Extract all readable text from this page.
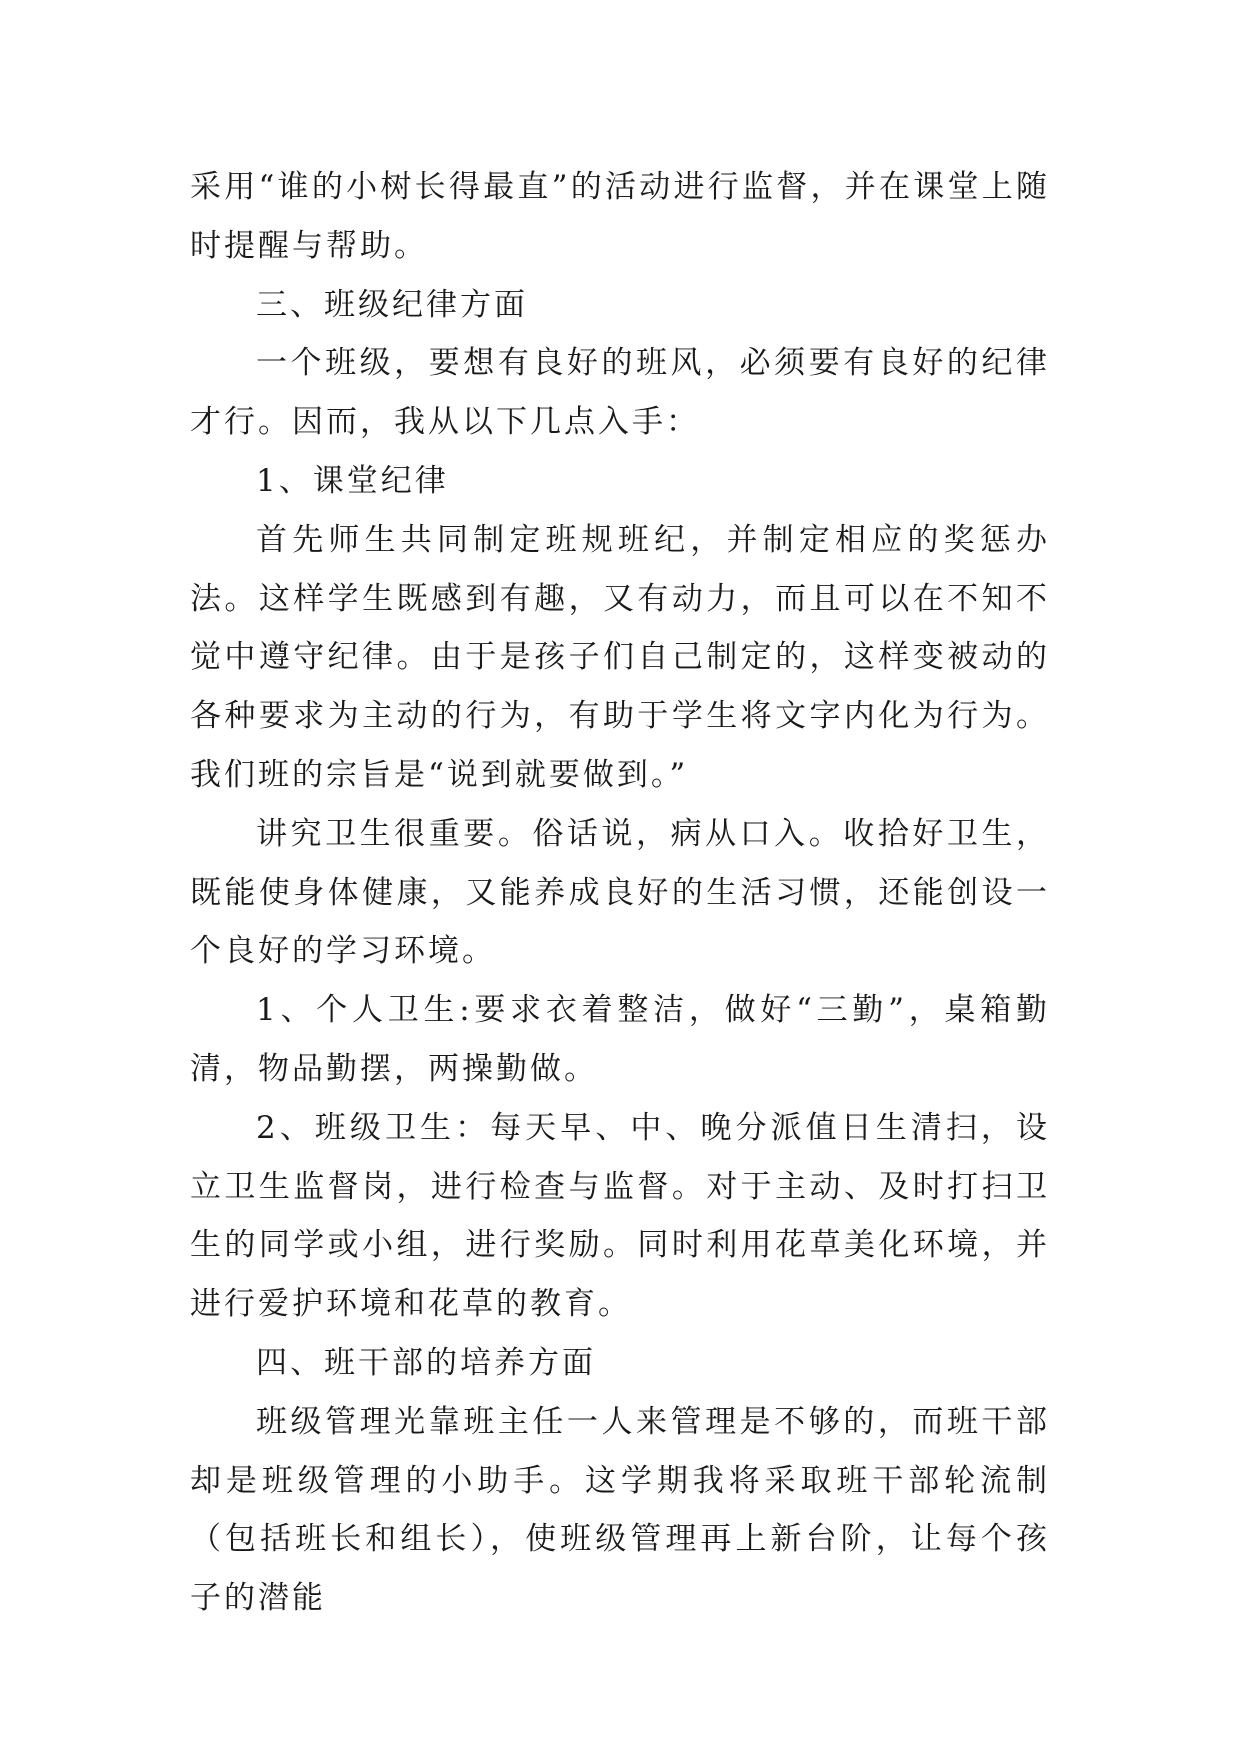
采用“谁的小树长得最直”的活动进行监督，并在课堂上随时提醒与帮助。

三、班级纪律方面

一个班级，要想有良好的班风，必须要有良好的纪律才行。因而，我从以下几点入手：

1、课堂纪律

首先师生共同制定班规班纪，并制定相应的奖惩办法。这样学生既感到有趣，又有动力，而且可以在不知不觉中遵守纪律。由于是孩子们自己制定的，这样变被动的各种要求为主动的行为，有助于学生将文字内化为行为。我们班的宗旨是“说到就要做到。”

讲究卫生很重要。俗话说，病从口入。收拾好卫生，既能使身体健康，又能养成良好的生活习惯，还能创设一个良好的学习环境。

1、个人卫生:要求衣着整洁，做好“三勤”，桌箱勤清，物品勤摆，两操勤做。

2、班级卫生：每天早、中、晚分派值日生清扫，设立卫生监督岗，进行检查与监督。对于主动、及时打扫卫生的同学或小组，进行奖励。同时利用花草美化环境，并进行爱护环境和花草的教育。

四、班干部的培养方面

班级管理光靠班主任一人来管理是不够的，而班干部却是班级管理的小助手。这学期我将采取班干部轮流制（包括班长和组长），使班级管理再上新台阶，让每个孩子的潜能
